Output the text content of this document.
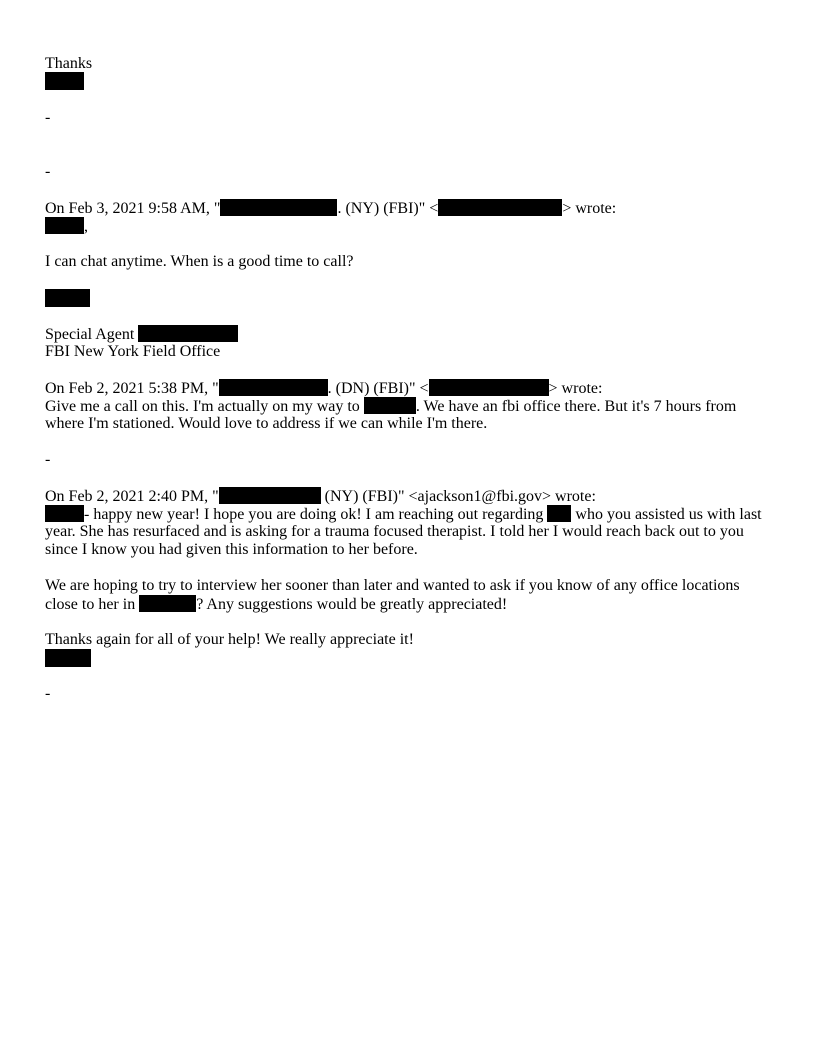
Thanks
-
-
On Feb 3, 2021 9:58 AM, "	. (NY) (FBI)" <	> wrote:
,
I can chat anytime. When is a good time to call?
Special Agent
FBI New York Field Office
On Feb 2, 2021 5:38 PM, "	. (DN) (FBI)" <	> wrote:
Give me a call on this. I'm actually on my way to	. We have an fbi office there. But it's 7 hours from
where I'm stationed. Would love to address if we can while I'm there.
-
On Feb 2, 2021 2:40 PM, "	(NY) (FBI)" <ajackson1@fbi.gov> wrote:
- happy new year! I hope you are doing ok! I am reaching out regarding  who you assisted us with last
year. She has resurfaced and is asking for a trauma focused therapist. I told her I would reach back out to you
since I know you had given this information to her before.
We are hoping to try to interview her sooner than later and wanted to ask if you know of any office locations
close to her in	? Any suggestions would be greatly appreciated!
Thanks again for all of your help! We really appreciate it!
-
